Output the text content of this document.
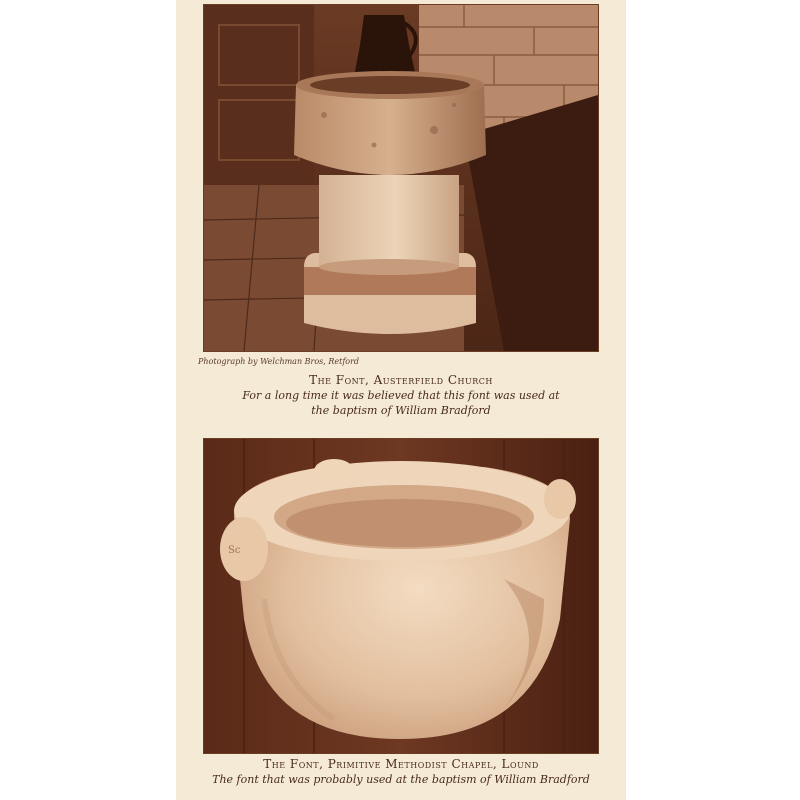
Photograph by Welchman Bros, Retford
The Font, Austerfield Church
For a long time it was believed that this font was used at
the baptism of William Bradford
Sc
The Font, Primitive Methodist Chapel, Lound
The font that was probably used at the baptism of William Bradford
